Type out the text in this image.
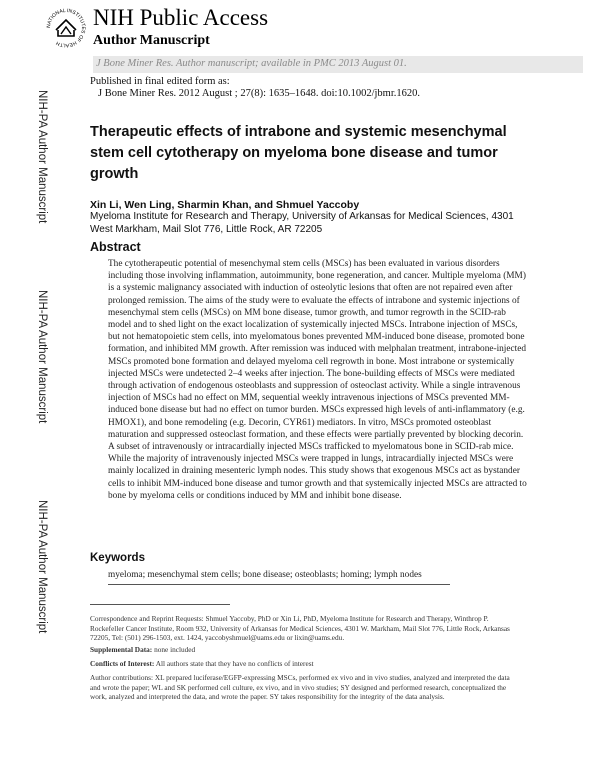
NIH-PA Author Manuscript
NIH-PA Author Manuscript
NIH-PA Author Manuscript
NATIONAL INSTITUTES OF HEALTH
NIH Public Access
Author Manuscript
J Bone Miner Res. Author manuscript; available in PMC 2013 August 01.
Published in final edited form as:
J Bone Miner Res. 2012 August ; 27(8): 1635–1648. doi:10.1002/jbmr.1620.
Therapeutic effects of intrabone and systemic mesenchymal stem cell cytotherapy on myeloma bone disease and tumor growth
Xin Li, Wen Ling, Sharmin Khan, and Shmuel Yaccoby
Myeloma Institute for Research and Therapy, University of Arkansas for Medical Sciences, 4301 West Markham, Mail Slot 776, Little Rock, AR 72205
Abstract
The cytotherapeutic potential of mesenchymal stem cells (MSCs) has been evaluated in various disorders including those involving inflammation, autoimmunity, bone regeneration, and cancer. Multiple myeloma (MM) is a systemic malignancy associated with induction of osteolytic lesions that often are not repaired even after prolonged remission. The aims of the study were to evaluate the effects of intrabone and systemic injections of mesenchymal stem cells (MSCs) on MM bone disease, tumor growth, and tumor regrowth in the SCID-rab model and to shed light on the exact localization of systemically injected MSCs. Intrabone injection of MSCs, but not hematopoietic stem cells, into myelomatous bones prevented MM-induced bone disease, promoted bone formation, and inhibited MM growth. After remission was induced with melphalan treatment, intrabone-injected MSCs promoted bone formation and delayed myeloma cell regrowth in bone. Most intrabone or systemically injected MSCs were undetected 2–4 weeks after injection. The bone-building effects of MSCs were mediated through activation of endogenous osteoblasts and suppression of osteoclast activity. While a single intravenous injection of MSCs had no effect on MM, sequential weekly intravenous injections of MSCs prevented MM-induced bone disease but had no effect on tumor burden. MSCs expressed high levels of anti-inflammatory (e.g. HMOX1), and bone remodeling (e.g. Decorin, CYR61) mediators. In vitro, MSCs promoted osteoblast maturation and suppressed osteoclast formation, and these effects were partially prevented by blocking decorin. A subset of intravenously or intracardially injected MSCs trafficked to myelomatous bone in SCID-rab mice. While the majority of intravenously injected MSCs were trapped in lungs, intracardially injected MSCs were mainly localized in draining mesenteric lymph nodes. This study shows that exogenous MSCs act as bystander cells to inhibit MM-induced bone disease and tumor growth and that systemically injected MSCs are attracted to bone by myeloma cells or conditions induced by MM and inhibit bone disease.
Keywords
myeloma; mesenchymal stem cells; bone disease; osteoblasts; homing; lymph nodes
Correspondence and Reprint Requests: Shmuel Yaccoby, PhD or Xin Li, PhD, Myeloma Institute for Research and Therapy, Winthrop P. Rockefeller Cancer Institute, Room 932, University of Arkansas for Medical Sciences, 4301 W. Markham, Mail Slot 776, Little Rock, Arkansas 72205, Tel: (501) 296-1503, ext. 1424, yaccobyshmuel@uams.edu or lixin@uams.edu.
Supplemental Data: none included
Conflicts of Interest: All authors state that they have no conflicts of interest
Author contributions: XL prepared luciferase/EGFP-expressing MSCs, performed ex vivo and in vivo studies, analyzed and interpreted the data and wrote the paper; WL and SK performed cell culture, ex vivo, and in vivo studies; SY designed and performed research, conceptualized the work, analyzed and interpreted the data, and wrote the paper. SY takes responsibility for the integrity of the data analysis.
